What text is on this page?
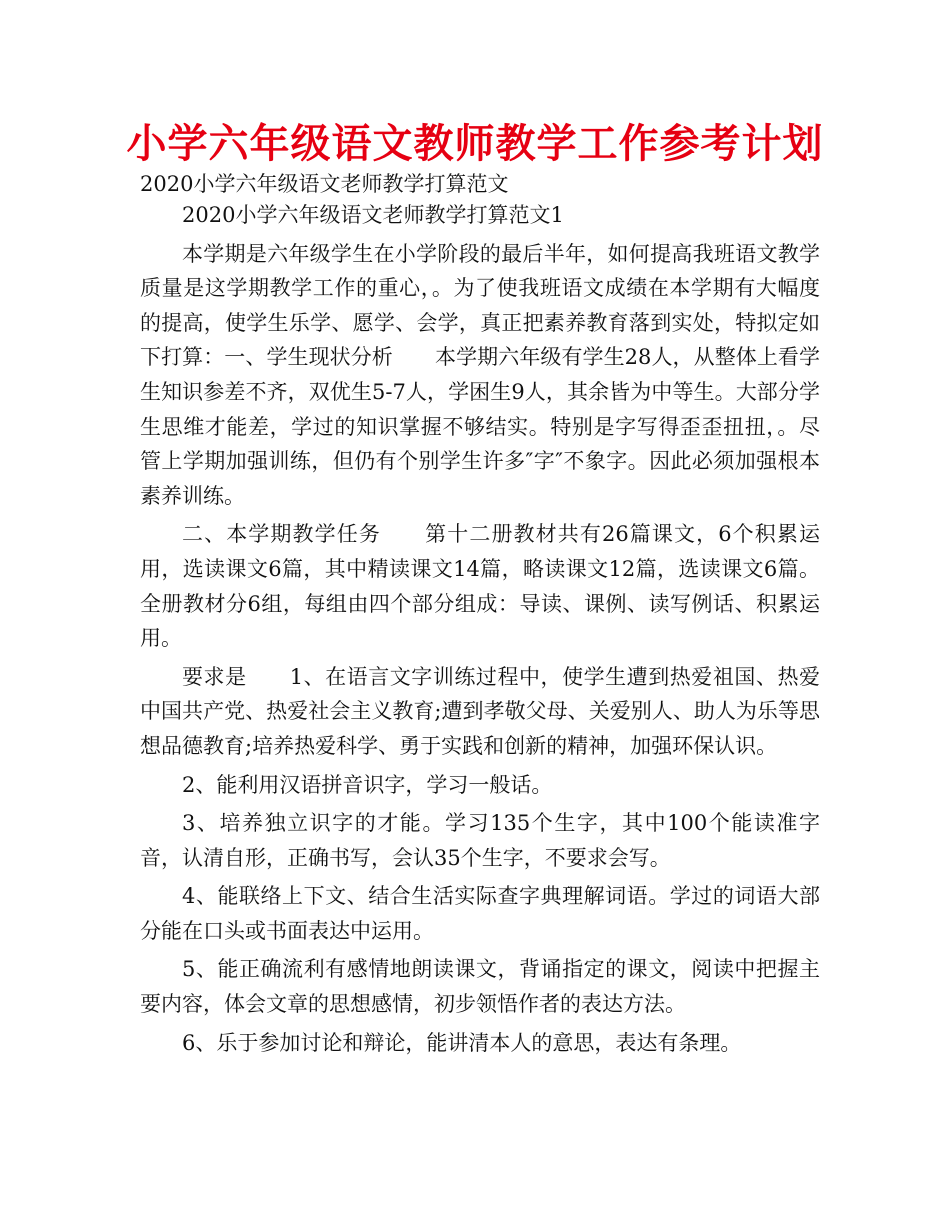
小学六年级语文教师教学工作参考计划

2020小学六年级语文老师教学打算范文

2020小学六年级语文老师教学打算范文1

本学期是六年级学生在小学阶段的最后半年，如何提高我班语文教学质量是这学期教学工作的重心，。为了使我班语文成绩在本学期有大幅度的提高，使学生乐学、愿学、会学，真正把素养教育落到实处，特拟定如下打算：一、学生现状分析　　本学期六年级有学生28人，从整体上看学生知识参差不齐，双优生5-7人，学困生9人，其余皆为中等生。大部分学生思维才能差，学过的知识掌握不够结实。特别是字写得歪歪扭扭，。尽管上学期加强训练，但仍有个别学生许多″字″不象字。因此必须加强根本素养训练。

二、本学期教学任务　　第十二册教材共有26篇课文，6个积累运用，选读课文6篇，其中精读课文14篇，略读课文12篇，选读课文6篇。全册教材分6组，每组由四个部分组成：导读、课例、读写例话、积累运用。

要求是　　1、在语言文字训练过程中，使学生遭到热爱祖国、热爱中国共产党、热爱社会主义教育;遭到孝敬父母、关爱别人、助人为乐等思想品德教育;培养热爱科学、勇于实践和创新的精神，加强环保认识。

2、能利用汉语拼音识字，学习一般话。

3、培养独立识字的才能。学习135个生字，其中100个能读准字音，认清自形，正确书写，会认35个生字，不要求会写。

4、能联络上下文、结合生活实际查字典理解词语。学过的词语大部分能在口头或书面表达中运用。

5、能正确流利有感情地朗读课文，背诵指定的课文，阅读中把握主要内容，体会文章的思想感情，初步领悟作者的表达方法。

6、乐于参加讨论和辩论，能讲清本人的意思，表达有条理。
